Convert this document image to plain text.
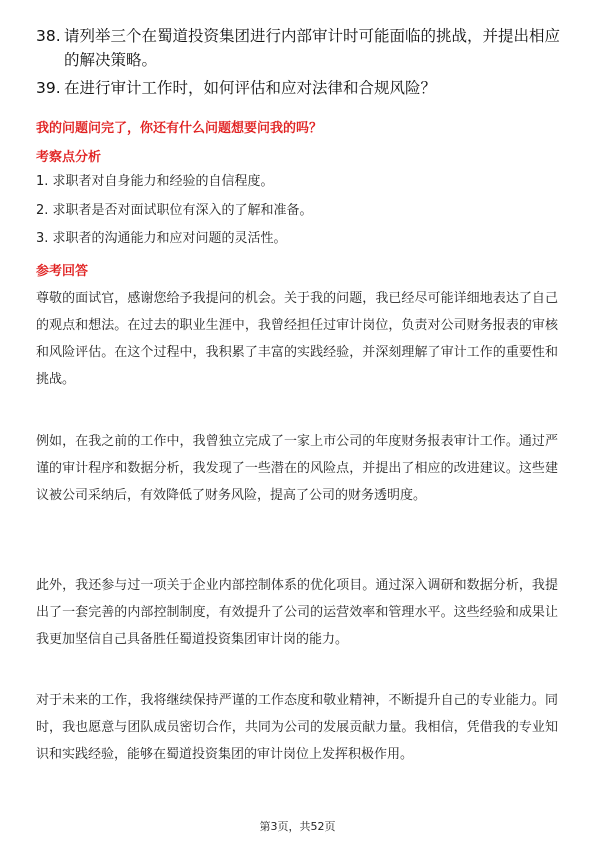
38. 请列举三个在蜀道投资集团进行内部审计时可能面临的挑战，并提出相应的解决策略。
39. 在进行审计工作时，如何评估和应对法律和合规风险？
我的问题问完了，你还有什么问题想要问我的吗？
考察点分析
1. 求职者对自身能力和经验的自信程度。
2. 求职者是否对面试职位有深入的了解和准备。
3. 求职者的沟通能力和应对问题的灵活性。
参考回答
尊敬的面试官，感谢您给予我提问的机会。关于我的问题，我已经尽可能详细地表达了自己的观点和想法。在过去的职业生涯中，我曾经担任过审计岗位，负责对公司财务报表的审核和风险评估。在这个过程中，我积累了丰富的实践经验，并深刻理解了审计工作的重要性和挑战。
例如，在我之前的工作中，我曾独立完成了一家上市公司的年度财务报表审计工作。通过严谨的审计程序和数据分析，我发现了一些潜在的风险点，并提出了相应的改进建议。这些建议被公司采纳后，有效降低了财务风险，提高了公司的财务透明度。
此外，我还参与过一项关于企业内部控制体系的优化项目。通过深入调研和数据分析，我提出了一套完善的内部控制制度，有效提升了公司的运营效率和管理水平。这些经验和成果让我更加坚信自己具备胜任蜀道投资集团审计岗的能力。
对于未来的工作，我将继续保持严谨的工作态度和敬业精神，不断提升自己的专业能力。同时，我也愿意与团队成员密切合作，共同为公司的发展贡献力量。我相信，凭借我的专业知识和实践经验，能够在蜀道投资集团的审计岗位上发挥积极作用。
第3页，共52页
